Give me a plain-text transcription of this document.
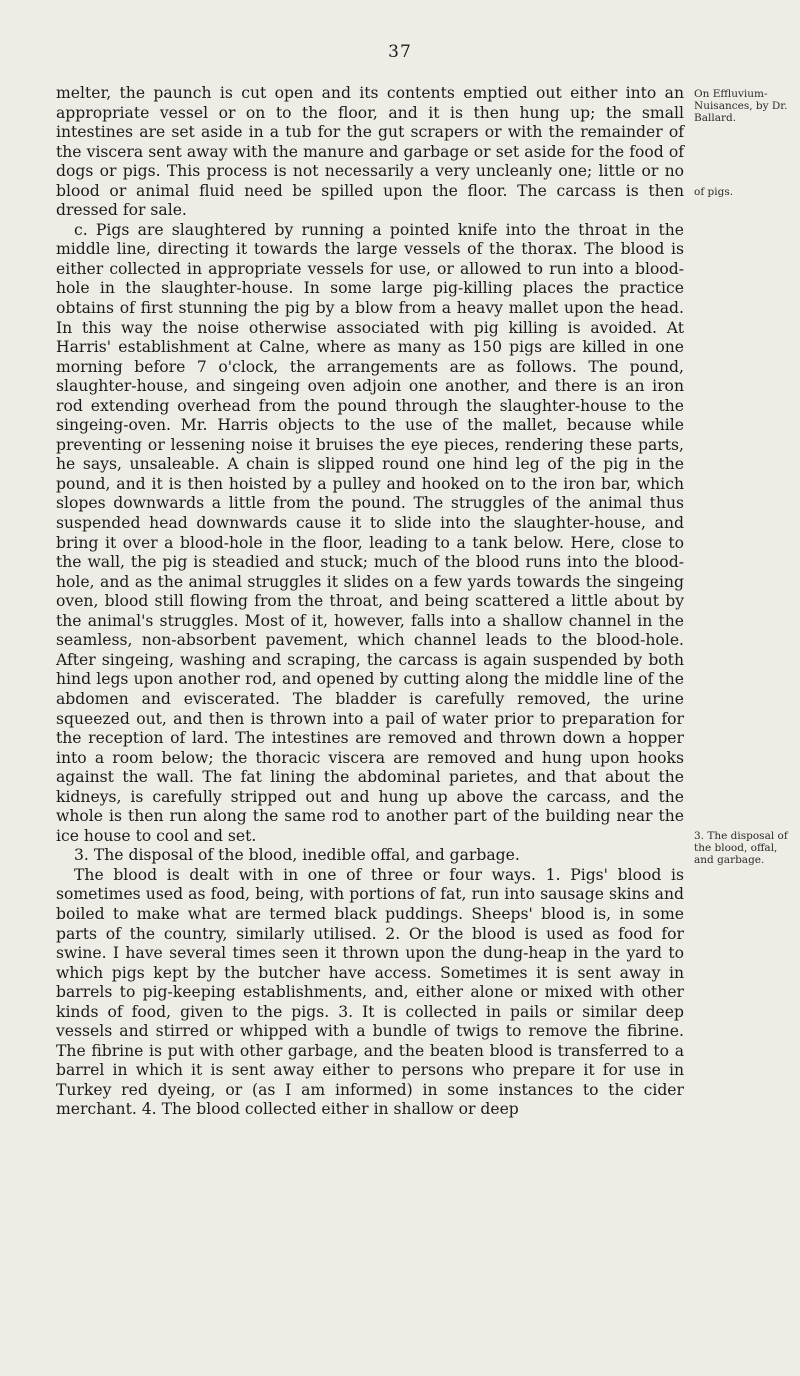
37

melter, the paunch is cut open and its contents emptied out either into an appropriate vessel or on to the floor, and it is then hung up; the small intestines are set aside in a tub for the gut scrapers or with the remainder of the viscera sent away with the manure and garbage or set aside for the food of dogs or pigs. This process is not necessarily a very uncleanly one; little or no blood or animal fluid need be spilled upon the floor. The carcass is then dressed for sale.

c. Pigs are slaughtered by running a pointed knife into the throat in the middle line, directing it towards the large vessels of the thorax. The blood is either collected in appropriate vessels for use, or allowed to run into a blood-hole in the slaughter-house. In some large pig-killing places the practice obtains of first stunning the pig by a blow from a heavy mallet upon the head. In this way the noise otherwise associated with pig killing is avoided. At Harris' establishment at Calne, where as many as 150 pigs are killed in one morning before 7 o'clock, the arrangements are as follows. The pound, slaughter-house, and singeing oven adjoin one another, and there is an iron rod extending overhead from the pound through the slaughter-house to the singeing-oven. Mr. Harris objects to the use of the mallet, because while preventing or lessening noise it bruises the eye pieces, rendering these parts, he says, unsaleable. A chain is slipped round one hind leg of the pig in the pound, and it is then hoisted by a pulley and hooked on to the iron bar, which slopes downwards a little from the pound. The struggles of the animal thus suspended head downwards cause it to slide into the slaughter-house, and bring it over a blood-hole in the floor, leading to a tank below. Here, close to the wall, the pig is steadied and stuck; much of the blood runs into the blood-hole, and as the animal struggles it slides on a few yards towards the singeing oven, blood still flowing from the throat, and being scattered a little about by the animal's struggles. Most of it, however, falls into a shallow channel in the seamless, non-absorbent pavement, which channel leads to the blood-hole. After singeing, washing and scraping, the carcass is again suspended by both hind legs upon another rod, and opened by cutting along the middle line of the abdomen and eviscerated. The bladder is carefully removed, the urine squeezed out, and then is thrown into a pail of water prior to preparation for the reception of lard. The intestines are removed and thrown down a hopper into a room below; the thoracic viscera are removed and hung upon hooks against the wall. The fat lining the abdominal parietes, and that about the kidneys, is carefully stripped out and hung up above the carcass, and the whole is then run along the same rod to another part of the building near the ice house to cool and set.

3. The disposal of the blood, inedible offal, and garbage.

The blood is dealt with in one of three or four ways. 1. Pigs' blood is sometimes used as food, being, with portions of fat, run into sausage skins and boiled to make what are termed black puddings. Sheeps' blood is, in some parts of the country, similarly utilised. 2. Or the blood is used as food for swine. I have several times seen it thrown upon the dung-heap in the yard to which pigs kept by the butcher have access. Sometimes it is sent away in barrels to pig-keeping establishments, and, either alone or mixed with other kinds of food, given to the pigs. 3. It is collected in pails or similar deep vessels and stirred or whipped with a bundle of twigs to remove the fibrine. The fibrine is put with other garbage, and the beaten blood is transferred to a barrel in which it is sent away either to persons who prepare it for use in Turkey red dyeing, or (as I am informed) in some instances to the cider merchant. 4. The blood collected either in shallow or deep

On Effluvium-Nuisances, by Dr. Ballard.
of pigs.
3. The disposal of the blood, offal, and garbage.
